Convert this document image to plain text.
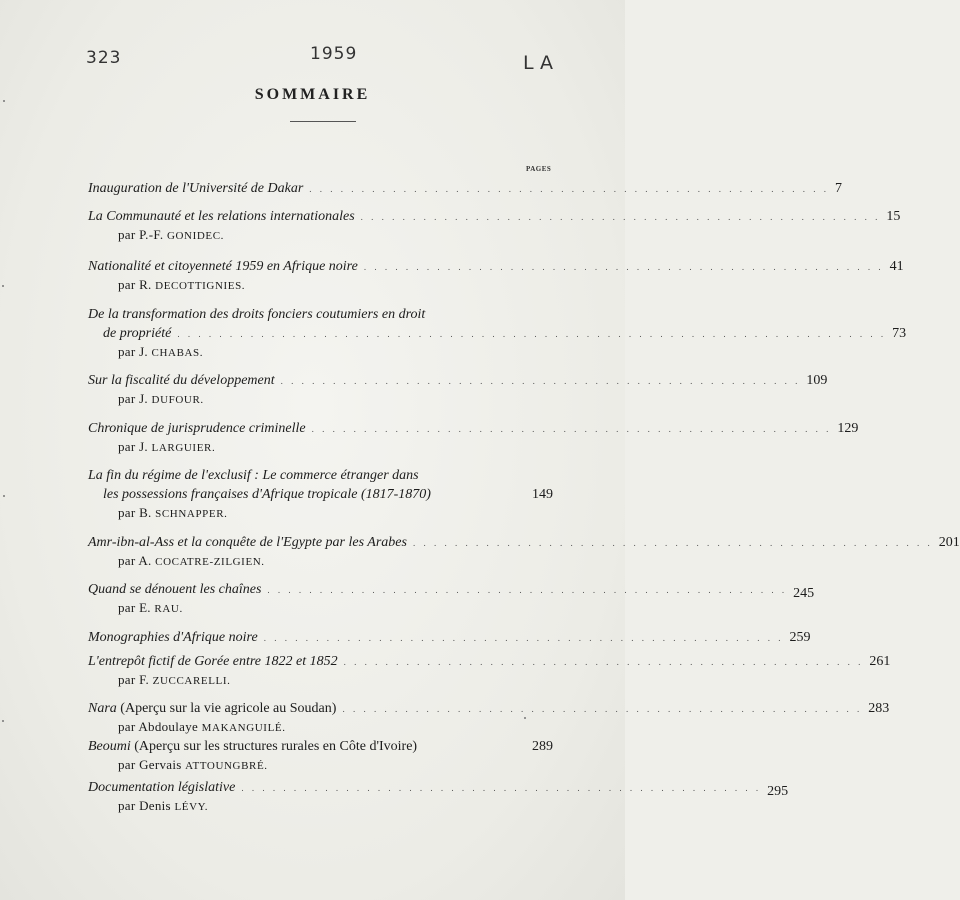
323	1959	LA
SOMMAIRE
PAGES
Inauguration de l'Université de Dakar . . . . . . . . . . . . . . . . . . . . . . . . . . . . . . . . . . . . . . . . . . . . . . . . . . 7
La Communauté et les relations internationales . . . . . . . . . . . . . . . . . . . . . . . . . . . . . . . . . . . . . . . . . . . . . . . . . . 15
par P.-F. GONIDEC.
Nationalité et citoyenneté 1959 en Afrique noire . . . . . . . . . . . . . . . . . . . . . . . . . . . . . . . . . . . . . . . . . . . . . . . . . . 41
par R. DECOTTIGNIES.
De la transformation des droits fonciers coutumiers en droit
de propriété . . . . . . . . . . . . . . . . . . . . . . . . . . . . . . . . . . . . . . . . . . . . . . . . . . . . . . . . . . . . . . . . . . . . 73
par J. CHABAS.
Sur la fiscalité du développement . . . . . . . . . . . . . . . . . . . . . . . . . . . . . . . . . . . . . . . . . . . . . . . . . . 109
par J. DUFOUR.
Chronique de jurisprudence criminelle . . . . . . . . . . . . . . . . . . . . . . . . . . . . . . . . . . . . . . . . . . . . . . . . . . 129
par J. LARGUIER.
La fin du régime de l'exclusif : Le commerce étranger dans
les possessions françaises d'Afrique tropicale (1817-1870)	149
par B. SCHNAPPER.
Amr-ibn-al-Ass et la conquête de l'Egypte par les Arabes . . . . . . . . . . . . . . . . . . . . . . . . . . . . . . . . . . . . . . . . . . . . . . . . . . 201
par A. COCATRE-ZILGIEN.
Quand se dénouent les chaînes . . . . . . . . . . . . . . . . . . . . . . . . . . . . . . . . . . . . . . . . . . . . . . . . . . 245
par E. RAU.
Monographies d'Afrique noire . . . . . . . . . . . . . . . . . . . . . . . . . . . . . . . . . . . . . . . . . . . . . . . . . . 259
L'entrepôt fictif de Gorée entre 1822 et 1852 . . . . . . . . . . . . . . . . . . . . . . . . . . . . . . . . . . . . . . . . . . . . . . . . . . 261
par F. ZUCCARELLI.
Nara (Aperçu sur la vie agricole au Soudan) . . . . . . . . . . . . . . . . . . . . . . . . . . . . . . . . . . . . . . . . . . . . . . . . . . 283
par Abdoulaye MAKANGUILÉ.
Beoumi (Aperçu sur les structures rurales en Côte d'Ivoire)	289
par Gervais ATTOUNGBRÉ.
Documentation législative . . . . . . . . . . . . . . . . . . . . . . . . . . . . . . . . . . . . . . . . . . . . . . . . . . 295
par Denis LÉVY.
